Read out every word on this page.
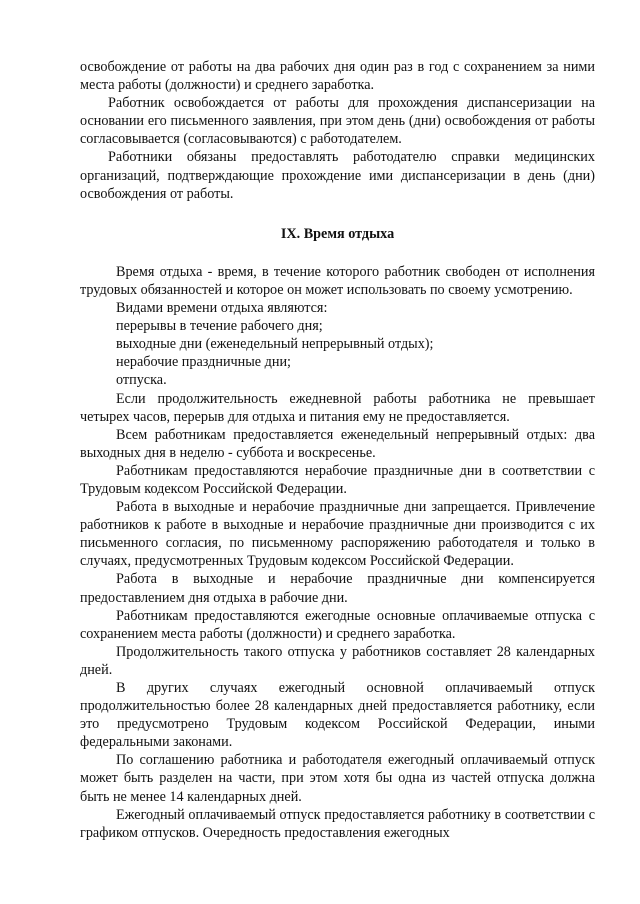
освобождение от работы на два рабочих дня один раз в год с сохранением за ними места работы (должности) и среднего заработка.

Работник освобождается от работы для прохождения диспансеризации на основании его письменного заявления, при этом день (дни) освобождения от работы согласовывается (согласовываются) с работодателем.

Работники обязаны предоставлять работодателю справки медицинских организаций, подтверждающие прохождение ими диспансеризации в день (дни) освобождения от работы.

IX. Время отдыха

Время отдыха - время, в течение которого работник свободен от исполнения трудовых обязанностей и которое он может использовать по своему усмотрению.

Видами времени отдыха являются:

перерывы в течение рабочего дня;

выходные дни (еженедельный непрерывный отдых);

нерабочие праздничные дни;

отпуска.

Если продолжительность ежедневной работы работника не превышает четырех часов, перерыв для отдыха и питания ему не предоставляется.

Всем работникам предоставляется еженедельный непрерывный отдых: два выходных дня в неделю - суббота и воскресенье.

Работникам предоставляются нерабочие праздничные дни в соответствии с Трудовым кодексом Российской Федерации.

Работа в выходные и нерабочие праздничные дни запрещается. Привлечение работников к работе в выходные и нерабочие праздничные дни производится с их письменного согласия, по письменному распоряжению работодателя и только в случаях, предусмотренных Трудовым кодексом Российской Федерации.

Работа в выходные и нерабочие праздничные дни компенсируется предоставлением дня отдыха в рабочие дни.

Работникам предоставляются ежегодные основные оплачиваемые отпуска с сохранением места работы (должности) и среднего заработка.

Продолжительность такого отпуска у работников составляет 28 календарных дней.

В других случаях ежегодный основной оплачиваемый отпуск продолжительностью более 28 календарных дней предоставляется работнику, если это предусмотрено Трудовым кодексом Российской Федерации, иными федеральными законами.

По соглашению работника и работодателя ежегодный оплачиваемый отпуск может быть разделен на части, при этом хотя бы одна из частей отпуска должна быть не менее 14 календарных дней.

Ежегодный оплачиваемый отпуск предоставляется работнику в соответствии с графиком отпусков. Очередность предоставления ежегодных
